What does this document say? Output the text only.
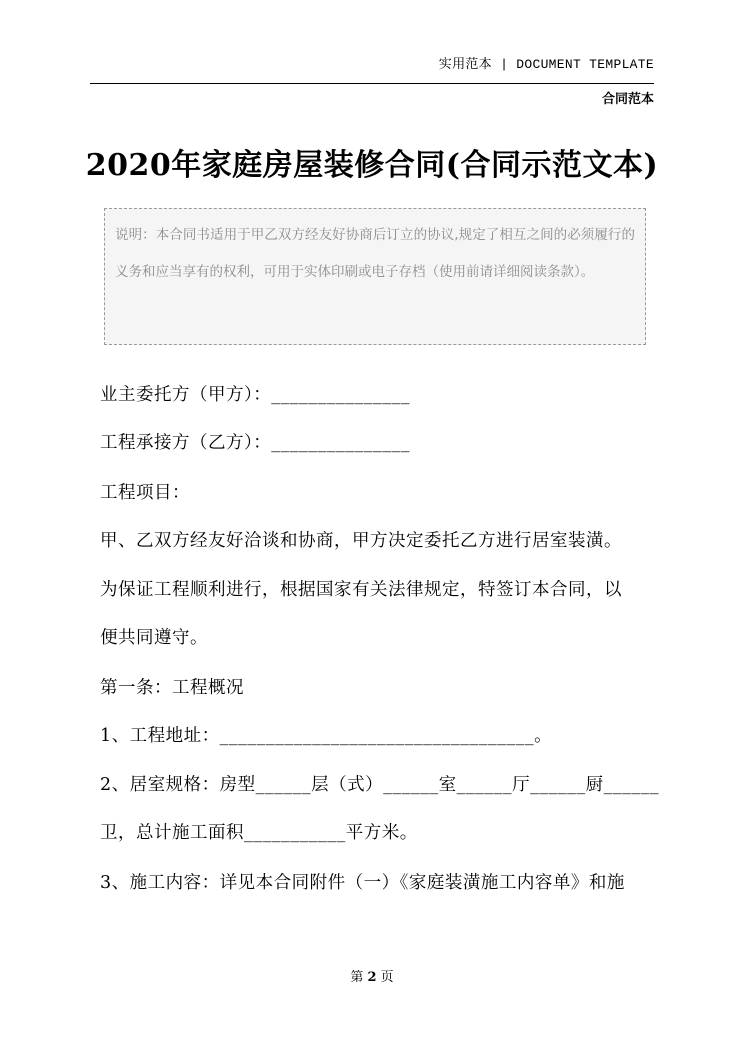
实用范本 | DOCUMENT TEMPLATE
合同范本
2020年家庭房屋装修合同(合同示范文本)
说明：本合同书适用于甲乙双方经友好协商后订立的协议,规定了相互之间的必须履行的义务和应当享有的权利，可用于实体印刷或电子存档（使用前请详细阅读条款）。
业主委托方（甲方）：_______________
工程承接方（乙方）：_______________
工程项目：
甲、乙双方经友好洽谈和协商，甲方决定委托乙方进行居室装潢。
为保证工程顺利进行，根据国家有关法律规定，特签订本合同，以
便共同遵守。
第一条：工程概况
1、工程地址：__________________________________。
2、居室规格：房型______层（式）______室______厅______厨______
卫，总计施工面积___________平方米。
3、施工内容：详见本合同附件（一）《家庭装潢施工内容单》和施
第 2 页
